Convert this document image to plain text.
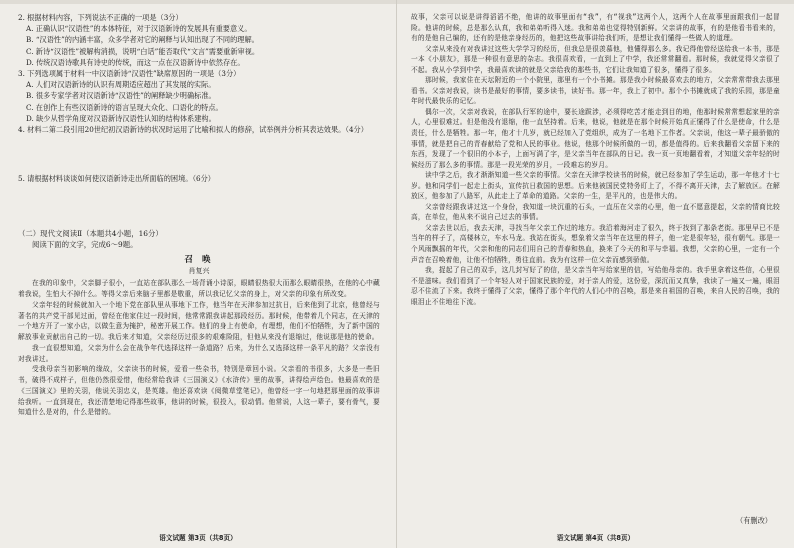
2. 根据材料内容，下列说法不正确的一项是（3分）

A. 正确认识“汉语性”的本体特征，对于汉语新诗的发展具有重要意义。

B. “汉语性”的内涵丰富，众多学者对它的阐释与认知出现了不同的理解。

C. 新诗“汉语性”被解构消损，说明“白话”能否取代“文言”需要重新审视。

D. 传统汉语诗歌具有诗史的传统，而这一点在汉语新诗中依然存在。

3. 下列选项属于材料一中汉语新诗“汉语性”缺席原因的一项是（3分）

A. 人们对汉语新诗的认识有周期适应超出了其发展的实际。

B. 很多专家学者对汉语新诗“汉语性”的阐释缺少明确标准。

C. 在创作上有些汉语新诗的语言呈现大众化、口语化的特点。

D. 缺少从哲学角度对汉语新诗汉语性认知的结构体系建构。

4. 材料二第二段引用20世纪初汉语新诗的状况时运用了比喻和拟人的修辞，试举例并分析其表达效果。（4分）

5. 请根据材料谈谈如何使汉语新诗走出所面临的困境。（6分）

（二）现代文阅读Ⅱ（本题共4小题，16分）
阅读下面的文字，完成6～9题。
召 唤
肖复兴

在我的印象中，父亲脚子很小，一直站在部队那么一场背诵小诗原，眼睛很热很大而那么眼睛很热，在他的心中藏着我说，生怕大不掉什么。等得父亲后来脑子里都是敬重，所以我记忆父亲的身上，对父亲的印象有所改变。

父亲年轻的时候就加入一个地下党在部队里从事地下工作，他当年在天津参加过抗日，后来他到了北京，他曾经与著名的共产党干部见过面，曾经在他家住过一段时间，他常常跟我讲起那段经历。那时候，他带着几个同志，在天津的一个地方开了一家小店，以做生意为掩护，秘密开展工作。他们的身上有使命，有理想，他们不怕牺牲，为了新中国的解放事业贡献出自己的一切。我后来才知道，父亲经历过很多的艰难险阻，但他从来没有退缩过，他说那是他的使命。

我一直很想知道，父亲为什么会在战争年代选择这样一条道路？后来，为什么又选择这样一条平凡的路？父亲没有对我讲过。

受我母亲当初影响的缘故，父亲读书的时候，爱看一些杂书，特别是章回小说。父亲看的书很多，大多是一些旧书，破得不成样子，但他仍然很爱惜，他经常给我讲《三国演义》《水浒传》里的故事，讲得绘声绘色。他最喜欢的是《三国演义》里的关羽，他说关羽忠义，是英雄。他还喜欢读《阅微草堂笔记》，他曾经一字一句地把那里面的故事讲给我听。一直到现在，我还清楚地记得那些故事，他讲的时候，很投入，很动情。他常说，人这一辈子，要有骨气，要知道什么是对的，什么是错的。

语文试题 第3页（共8页）

故事，父亲可以说是讲得滔滔不绝，他讲的故事里面有“我”，有“视我”这两个人，这两个人在故事里面跟我们一起冒险。他讲的时候，总是那么认真，我和弟弟听得入迷。我和弟弟也觉得特别新鲜。父亲讲的故事，有的是他看书看来的，有的是他自己编的，还有的是他亲身经历的，他把这些故事讲给我们听，是想让我们懂得一些做人的道理。

父亲从来没有对我讲过这些大学学习的经历，但我总是很羡慕他，他懂得那么多。我记得他曾经送给我一本书，那是一本《小朋友》，那是一种很有意思的杂志。我很喜欢看，一直到上了中学，我还常常翻看。那时候，我就觉得父亲很了不起。我从小学到中学，我最喜欢读的就是父亲给我的那些书，它们让我知道了很多，懂得了很多。

那时候，我家住在天坛附近的一个小院里，那里有一个小书摊。那是我小时候最喜欢去的地方，父亲常常带我去那里看书。父亲对我说，读书是最好的事情，要多读书，读好书。那一年，我上了初中。那个小书摊就成了我的乐园，那是童年时代最快乐的记忆。

偶尔一次，父亲对我说，在部队行军的途中，要长途跋涉，必须得吃苦才能走到目的地，他那时候常常想起家里的亲人，心里很难过。但是他没有退缩，他一直坚持着。后来，他说，他就是在那个时候开始真正懂得了什么是使命，什么是责任，什么是牺牲。那一年，他才十几岁，就已经加入了党组织，成为了一名地下工作者。父亲说，他这一辈子最骄傲的事情，就是把自己的青春献给了党和人民的事业。他说，他那个时候所做的一切，都是值得的。后来我翻看父亲留下来的东西，发现了一个很旧的小本子，上面写满了字，是父亲当年在部队的日记。我一页一页地翻看着，才知道父亲年轻的时候经历了那么多的事情。那是一段光荣的岁月，一段难忘的岁月。

读中学之后，我才渐渐知道一些父亲的事情。父亲在天津学校读书的时候，就已经参加了学生运动，那一年他才十七岁。他和同学们一起走上街头，宣传抗日救国的思想。后来他被国民党特务盯上了，不得不离开天津，去了解放区。在解放区，他参加了八路军，从此走上了革命的道路。父亲的一生，是平凡的，也是伟大的。

父亲曾经跟我讲过这一个身份，我知道一块沉重的石头，一直压在父亲的心里，他一直不愿意提起，父亲的情商比较高，在单位，他从来不说自己过去的事情。

父亲去世以后，我去天津，寻找当年父亲工作过的地方。我沿着海河走了很久，终于找到了那条老街。那里早已不是当年的样子了，高楼林立，车水马龙。我站在街头，想象着父亲当年在这里的样子，他一定是很年轻，很有朝气。那是一个风雨飘摇的年代，父亲和他的同志们用自己的青春和热血，换来了今天的和平与幸福。我想，父亲的心里，一定有一个声音在召唤着他，让他不怕牺牲，勇往直前。我为有这样一位父亲而感到骄傲。

我，捉起了自己的双手，这几封写好了的信，是父亲当年写给家里的信，写给他母亲的。我手里拿着这些信，心里很不是滋味。我们看到了一个年轻人对于国家民族的爱，对于亲人的爱，这份爱，深沉而又真挚，我读了一遍又一遍，眼泪忍不住流了下来。我终于懂得了父亲，懂得了那个年代的人们心中的召唤，那是来自祖国的召唤，来自人民的召唤，我的眼泪止不住地往下流。

（有删改）
语文试题 第4页（共8页）
